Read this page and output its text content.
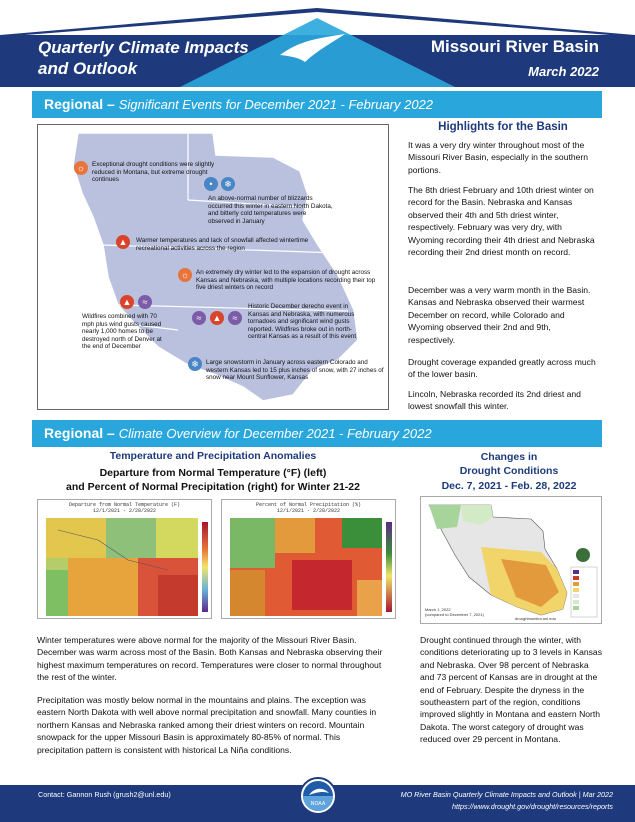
Quarterly Climate Impacts
and Outlook
Missouri River Basin
March 2022
Regional – Significant Events for December 2021 - February 2022
☼	Exceptional drought conditions were slightly reduced in Montana, but extreme drought continues	•	❄
An above-normal number of blizzards occurred this winter in eastern North Dakota, and bitterly cold temperatures were observed in January
▲	Warmer temperatures and lack of snowfall affected wintertime recreational activities across the region
☼	An extremely dry winter led to the expansion of drought across Kansas and Nebraska, with multiple locations recording their top five driest winters on record
▲	≈
Wildfires combined with 70 mph plus wind gusts caused nearly 1,000 homes to be destroyed north of Denver at the end of December
≈	▲	≈
Historic December derecho event in Kansas and Nebraska, with numerous tornadoes and significant wind gusts reported. Wildfires broke out in north-central Kansas as a result of this event
❄	Large snowstorm in January across eastern Colorado and western Kansas led to 15 plus inches of snow, with 27 inches of snow near Mount Sunflower, Kansas
Highlights for the Basin
It was a very dry winter throughout most of the Missouri River Basin, especially in the southern portions.
The 8th driest February and 10th driest winter on record for the Basin. Nebraska and Kansas observed their 4th and 5th driest winter, respectively. February was very dry, with Wyoming recording their 4th driest and Nebraska recording their 2nd driest month on record.
December was a very warm month in the Basin. Kansas and Nebraska observed their warmest December on record, while Colorado and Wyoming observed their 2nd and 9th, respectively.
Drought coverage expanded greatly across much of the lower basin.
Lincoln, Nebraska recorded its 2nd driest and lowest snowfall this winter.
Regional – Climate Overview for December 2021 - February 2022
Temperature and Precipitation Anomalies
Departure from Normal Temperature (°F) (left)
and Percent of Normal Precipitation (right) for Winter 21-22
Departure from Normal Temperature (F)
12/1/2021 - 2/28/2022
Percent of Normal Precipitation (%)
12/1/2021 - 2/28/2022
Changes in
Drought Conditions
Dec. 7, 2021 - Feb. 28, 2022
March 1, 2022
(compared to December 7, 2021)
droughtmonitor.unl.edu
Winter temperatures were above normal for the majority of the Missouri River Basin. December was warm across most of the Basin. Both Kansas and Nebraska observing their highest maximum temperatures on record. Temperatures were closer to normal throughout the rest of the winter.
Precipitation was mostly below normal in the mountains and plains. The exception was eastern North Dakota with well above normal precipitation and snowfall. Many counties in northern Kansas and Nebraska ranked among their driest winters on record. Mountain snowpack for the upper Missouri Basin is approximately 80-85% of normal. This precipitation pattern is consistent with historical La Niña conditions.
Drought continued through the winter, with conditions deteriorating up to 3 levels in Kansas and Nebraska. Over 98 percent of Nebraska and 73 percent of Kansas are in drought at the end of February. Despite the dryness in the southeastern part of the region, conditions improved slightly in Montana and eastern North Dakota. The worst category of drought was reduced over 29 percent in Montana.
Contact: Gannon Rush (grush2@unl.edu)
NOAA
MO River Basin Quarterly Climate Impacts and Outlook | Mar 2022
https://www.drought.gov/drought/resources/reports
